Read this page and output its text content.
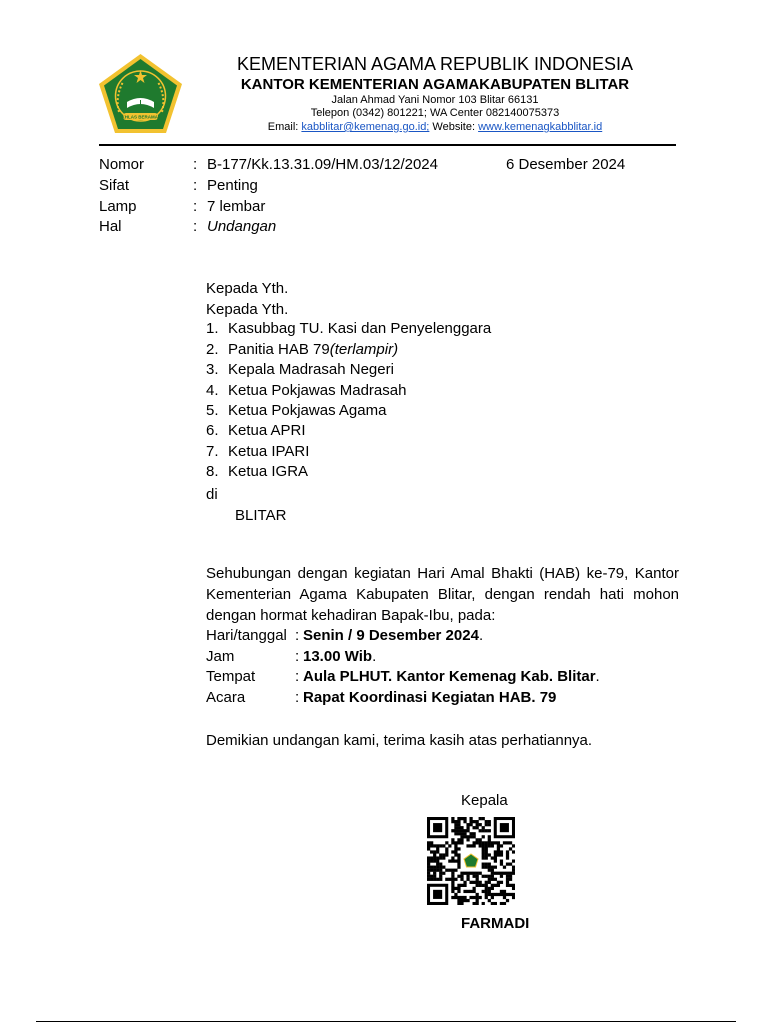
IKHLAS BERAMAL
KEMENTERIAN AGAMA REPUBLIK INDONESIA
KANTOR KEMENTERIAN AGAMAKABUPATEN BLITAR
Jalan Ahmad Yani Nomor 103 Blitar 66131
Telepon (0342) 801221; WA Center 082140075373
Email: kabblitar@kemenag.go.id; Website: www.kemenagkabblitar.id
Nomor	: B-177/Kk.13.31.09/HM.03/12/2024	6 Desember 2024
Sifat	: Penting
Lamp	: 7 lembar
Hal	: Undangan
Kepada Yth.
Kepada Yth.
1. Kasubbag TU. Kasi dan Penyelenggara
2. Panitia HAB 79(terlampir)
3. Kepala Madrasah Negeri
4. Ketua Pokjawas Madrasah
5. Ketua Pokjawas Agama
6. Ketua APRI
7. Ketua IPARI
8. Ketua IGRA
di
BLITAR
Sehubungan dengan kegiatan Hari Amal Bhakti (HAB) ke-79, Kantor Kementerian Agama Kabupaten Blitar, dengan rendah hati mohon dengan hormat kehadiran Bapak-Ibu, pada:
Hari/tanggal : Senin / 9 Desember 2024.
Jam	: 13.00 Wib.
Tempat	: Aula PLHUT. Kantor Kemenag Kab. Blitar.
Acara	: Rapat Koordinasi Kegiatan HAB. 79
Demikian undangan kami, terima kasih atas perhatiannya.
Kepala
FARMADI
